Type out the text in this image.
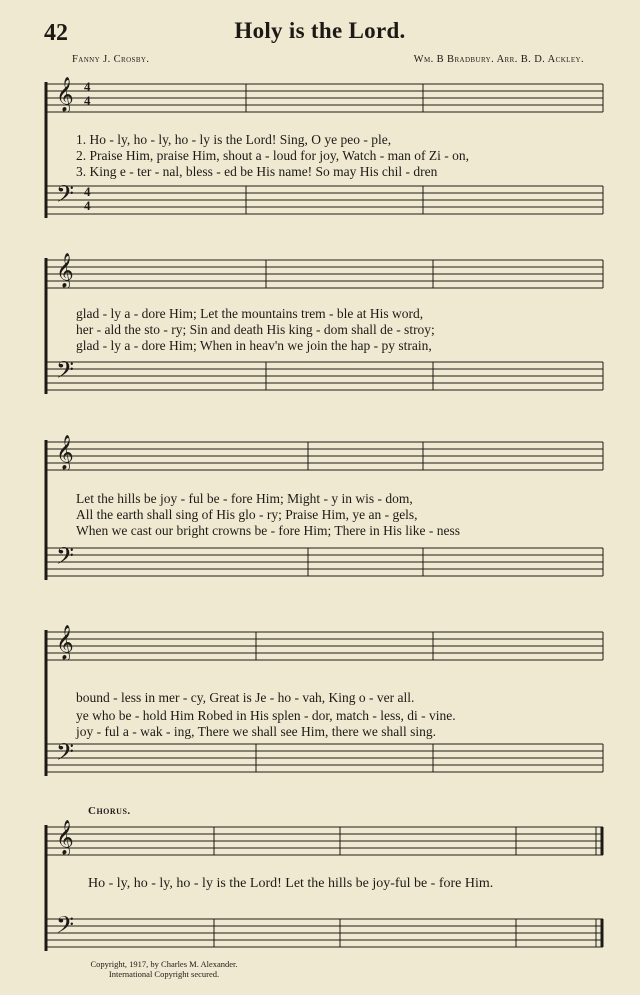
42	Holy is the Lord.
Fanny J. Crosby.	Wm. B Bradbury. Arr. B. D. Ackley.
𝄞 4
4
𝄢 4
4
1. Ho - ly, ho - ly, ho - ly is the Lord! Sing, O ye peo - ple,
2. Praise Him, praise Him, shout a - loud for joy, Watch - man of Zi - on,
3. King e - ter - nal, bless - ed be His name! So may His chil - dren
𝄞
𝄢
glad - ly a - dore Him; Let the mountains trem - ble at His word,
her - ald the sto - ry; Sin and death His king - dom shall de - stroy;
glad - ly a - dore Him; When in heav'n we join the hap - py strain,
𝄞
𝄢
Let the hills be joy - ful be - fore Him; Might - y in wis - dom,
All the earth shall sing of His glo - ry; Praise Him, ye an - gels,
When we cast our bright crowns be - fore Him; There in His like - ness
𝄞
𝄢
bound - less in mer - cy, Great is Je - ho - vah, King o - ver all.
ye who be - hold Him Robed in His splen - dor, match - less, di - vine.
joy - ful a - wak - ing, There we shall see Him, there we shall sing.
Chorus.
𝄞
𝄢
Ho - ly, ho - ly, ho - ly is the Lord! Let the hills be joy-ful be - fore Him.
Copyright, 1917, by Charles M. Alexander.
International Copyright secured.
